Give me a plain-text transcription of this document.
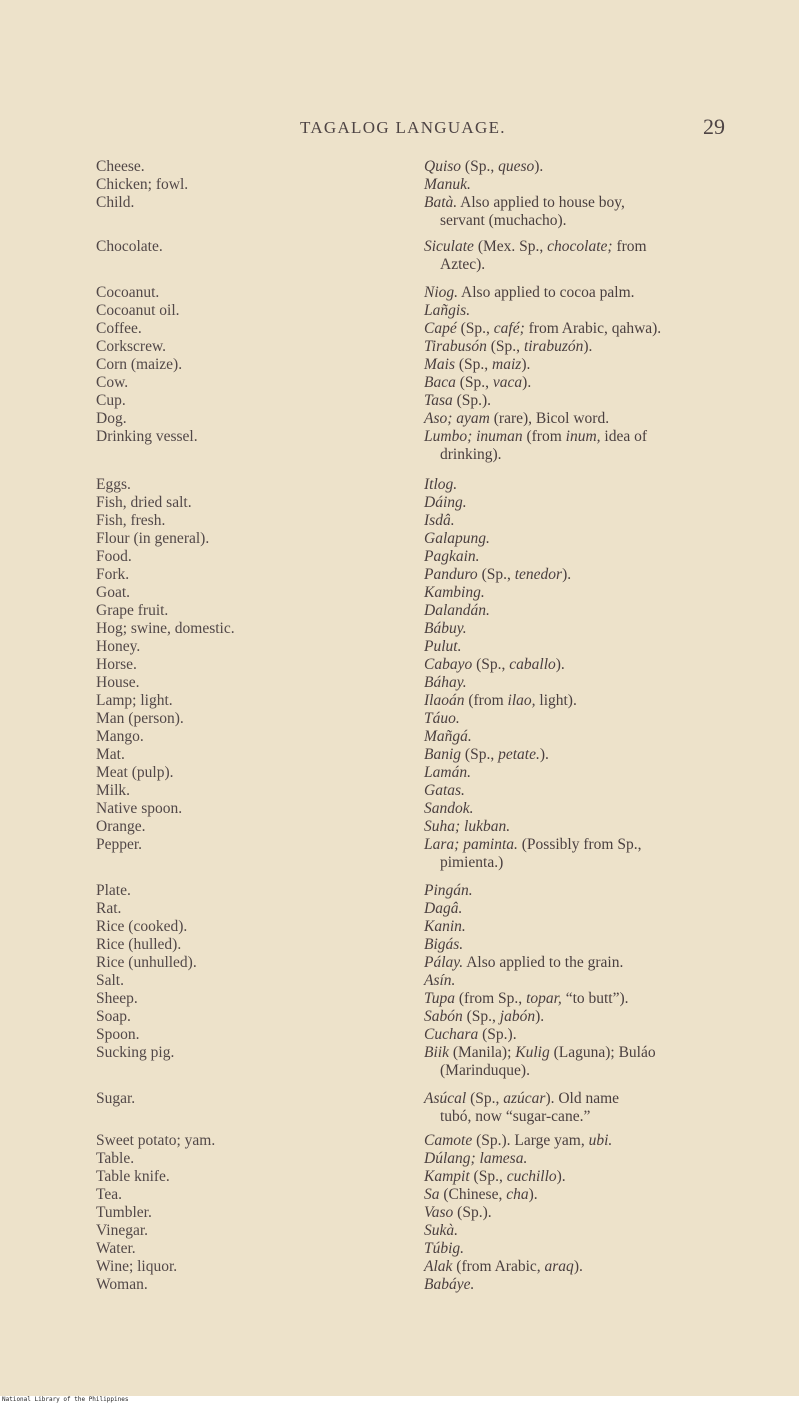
TAGALOG LANGUAGE.	29
Cheese.	Quiso (Sp., queso).
Chicken; fowl.	Manuk.
Child.	Batà. Also applied to house boy,
servant (muchacho).
Chocolate.	Siculate (Mex. Sp., chocolate; from
Aztec).
Cocoanut.	Niog. Also applied to cocoa palm.
Cocoanut oil.	Lañgis.
Coffee.	Capé (Sp., café; from Arabic, qahwa).
Corkscrew.	Tirabusón (Sp., tirabuzón).
Corn (maize).	Mais (Sp., maiz).
Cow.	Baca (Sp., vaca).
Cup.	Tasa (Sp.).
Dog.	Aso; ayam (rare), Bicol word.
Drinking vessel.	Lumbo; inuman (from inum, idea of
drinking).
Eggs.	Itlog.
Fish, dried salt.	Dáing.
Fish, fresh.	Isdâ.
Flour (in general).	Galapung.
Food.	Pagkain.
Fork.	Panduro (Sp., tenedor).
Goat.	Kambing.
Grape fruit.	Dalandán.
Hog; swine, domestic.	Bábuy.
Honey.	Pulut.
Horse.	Cabayo (Sp., caballo).
House.	Báhay.
Lamp; light.	Ilaoán (from ilao, light).
Man (person).	Táuo.
Mango.	Mañgá.
Mat.	Banig (Sp., petate.).
Meat (pulp).	Lamán.
Milk.	Gatas.
Native spoon.	Sandok.
Orange.	Suha; lukban.
Pepper.	Lara; paminta. (Possibly from Sp.,
pimienta.)
Plate.	Pingán.
Rat.	Dagâ.
Rice (cooked).	Kanin.
Rice (hulled).	Bigás.
Rice (unhulled).	Pálay. Also applied to the grain.
Salt.	Asín.
Sheep.	Tupa (from Sp., topar, “to butt”).
Soap.	Sabón (Sp., jabón).
Spoon.	Cuchara (Sp.).
Sucking pig.	Biik (Manila); Kulig (Laguna); Buláo
(Marinduque).
Sugar.	Asúcal (Sp., azúcar). Old name
tubó, now “sugar-cane.”
Sweet potato; yam.	Camote (Sp.). Large yam, ubi.
Table.	Dúlang; lamesa.
Table knife.	Kampit (Sp., cuchillo).
Tea.	Sa (Chinese, cha).
Tumbler.	Vaso (Sp.).
Vinegar.	Sukà.
Water.	Túbig.
Wine; liquor.	Alak (from Arabic, araq).
Woman.	Babáye.
National Library of the Philippines
